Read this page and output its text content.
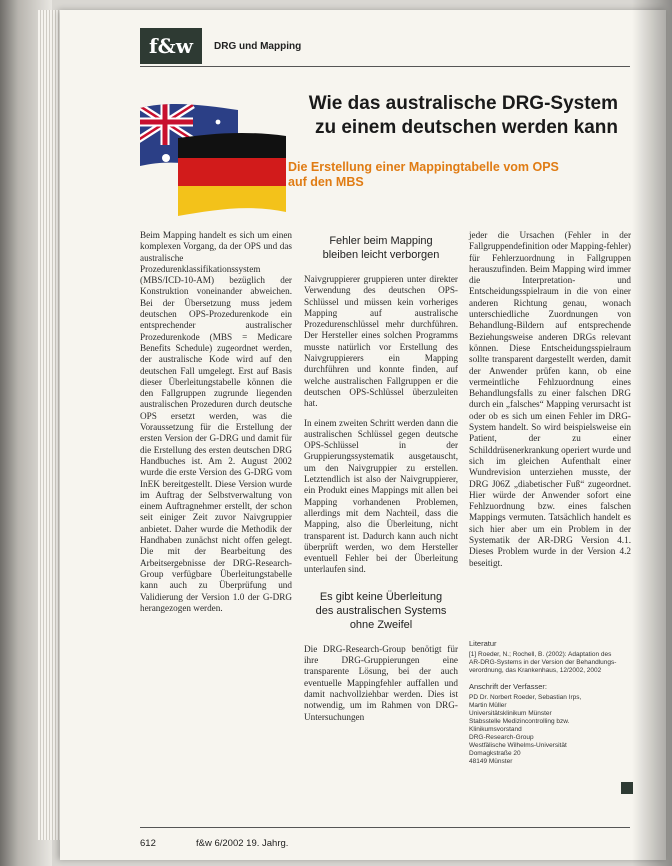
f&w	DRG und Mapping
Wie das australische DRG-System
zu einem deutschen werden kann
Die Erstellung einer Mappingtabelle vom OPS
auf den MBS

Beim Mapping handelt es sich um einen komplexen Vorgang, da der OPS und das australische Prozedurenklassifikationssystem (MBS/ICD-10-AM) bezüglich der Konstruktion voneinander abweichen. Bei der Übersetzung muss jedem deutschen OPS-Prozedurenkode ein entsprechender australischer Prozedurenkode (MBS = Medicare Benefits Schedule) zugeordnet werden, der australische Kode wird auf den deutschen Fall umgelegt. Erst auf Basis dieser Überleitungstabelle können die den Fallgruppen zugrunde liegenden australischen Prozeduren durch deutsche OPS ersetzt werden, was die Voraussetzung für die Erstellung der ersten Version der G-DRG und damit für die Erstellung des ersten deutschen DRG Handbuches ist. Am 2. August 2002 wurde die erste Version des G-DRG vom InEK bereitgestellt. Diese Version wurde im Auftrag der Selbstverwaltung von einem Auftragnehmer erstellt, der schon seit einiger Zeit zuvor Naivgruppier anbietet. Daher wurde die Methodik der Handhaben zunächst nicht offen gelegt. Die mit der Bearbeitung des Arbeitsergebnisse der DRG-Research-Group verfügbare Überleitungstabelle kann auch zu Überprüfung und Validierung der Version 1.0 der G-DRG herangezogen werden.

Fehler beim Mapping
bleiben leicht verborgen

Naivgruppierer gruppieren unter direkter Verwendung des deutschen OPS-Schlüssel und müssen kein vorheriges Mapping auf australische Prozedurenschlüssel mehr durchführen. Der Hersteller eines solchen Programms musste natürlich vor Erstellung des Naivgruppierers ein Mapping durchführen und konnte finden, auf welche australischen Fallgruppen er die deutschen OPS-Schlüssel überzuleiten hat.

In einem zweiten Schritt werden dann die australischen Schlüssel gegen deutsche OPS-Schlüssel in der Gruppierungssystematik ausgetauscht, um den Naivgruppier zu erstellen. Letztendlich ist also der Naivgruppierer, ein Produkt eines Mappings mit allen bei Mapping vorhandenen Problemen, allerdings mit dem Nachteil, dass die Mapping, also die Überleitung, nicht transparent ist. Dadurch kann auch nicht überprüft werden, wo dem Hersteller eventuell Fehler bei der Überleitung unterlaufen sind.

Es gibt keine Überleitung
des australischen Systems
ohne Zweifel

Die DRG-Research-Group benötigt für ihre DRG-Gruppierungen eine transparente Lösung, bei der auch eventuelle Mappingfehler auffallen und damit nachvollziehbar werden. Dies ist notwendig, um im Rahmen von DRG-Untersuchungen

jeder die Ursachen (Fehler in der Fallgruppendefinition oder Mapping-fehler) für Fehlerzuordnung in Fallgruppen herauszufinden. Beim Mapping wird immer die Interpretation- und Entscheidungsspielraum in die von einer anderen Richtung genau, wonach unterschiedliche Zuordnungen von Behandlung-Bildern auf entsprechende Beziehungsweise anderen DRGs relevant können. Diese Entscheidungsspielraum sollte transparent dargestellt werden, damit der Anwender prüfen kann, ob eine vermeintliche Fehlzuordnung eines Behandlungsfalls zu einer falschen DRG durch ein „falsches“ Mapping verursacht ist oder ob es sich um einen Fehler im DRG-System handelt. So wird beispielsweise ein Patient, der zu einer Schilddrüsenerkrankung operiert wurde und sich im gleichen Aufenthalt einer Wundrevision unterziehen musste, der DRG J06Z „diabetischer Fuß“ zugeordnet. Hier würde der Anwender sofort eine Fehlzuordnung bzw. eines falschen Mappings vermuten. Tatsächlich handelt es sich hier aber um ein Problem in der Systematik der AR-DRG Version 4.1. Dieses Problem wurde in der Version 4.2 beseitigt.

Literatur
[1] Roeder, N.; Rochell, B. (2002): Adaptation des
AR-DRG-Systems in der Version der Behandlungs-
verordnung, das Krankenhaus, 12/2002, 2002
Anschrift der Verfasser:
PD Dr. Norbert Roeder, Sebastian Irps,
Martin Müller
Universitätsklinikum Münster
Stabsstelle Medizincontrolling bzw.
Klinikumsvorstand
DRG-Research-Group
Westfälische Wilhelms-Universität
Domagkstraße 20
48149 Münster
612	f&w 6/2002 19. Jahrg.
